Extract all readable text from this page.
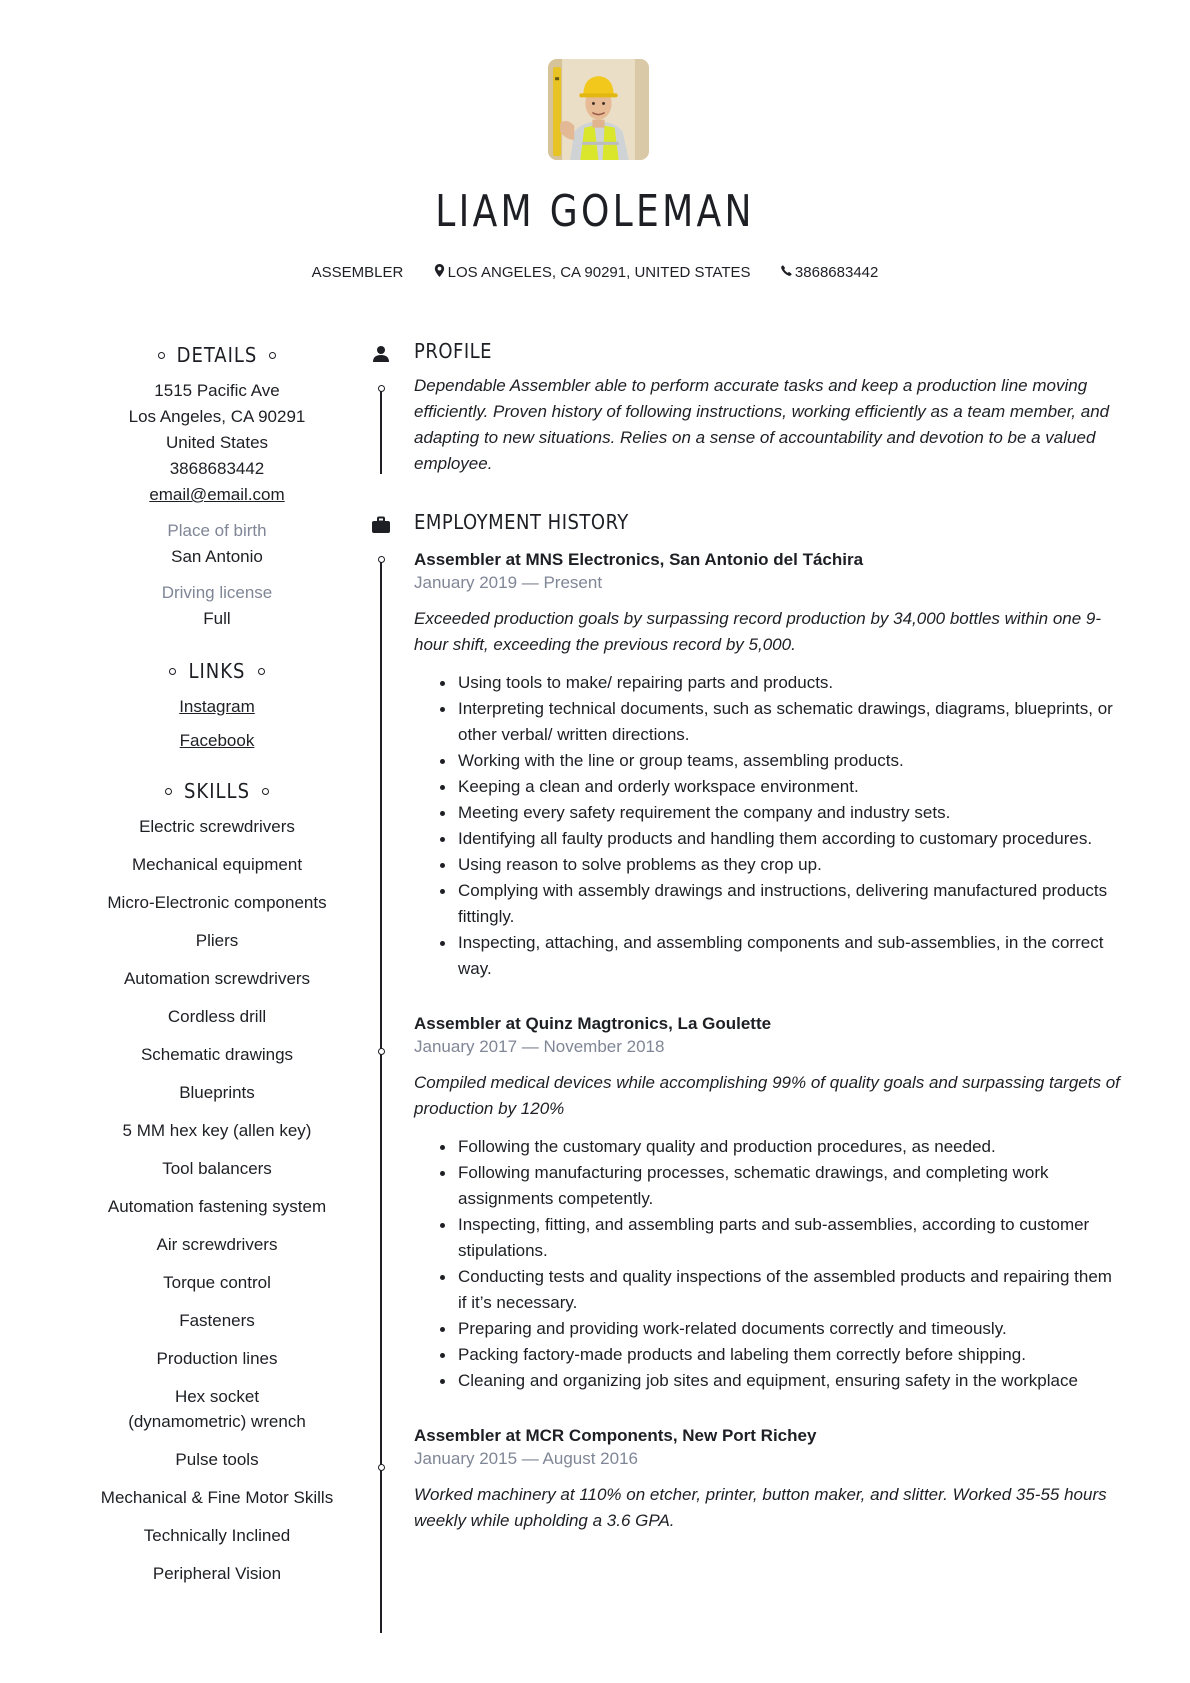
LIAM GOLEMAN
ASSEMBLER	LOS ANGELES, CA 90291, UNITED STATES	3868683442
DETAILS
1515 Pacific Ave
Los Angeles, CA 90291
United States
3868683442
email@email.com
Place of birth
San Antonio
Driving license
Full
LINKS
Instagram
Facebook
SKILLS
Electric screwdrivers
Mechanical equipment
Micro-Electronic components
Pliers
Automation screwdrivers
Cordless drill
Schematic drawings
Blueprints
5 MM hex key (allen key)
Tool balancers
Automation fastening system
Air screwdrivers
Torque control
Fasteners
Production lines
Hex socket (dynamometric) wrench
Pulse tools
Mechanical & Fine Motor Skills
Technically Inclined
Peripheral Vision
PROFILE
Dependable Assembler able to perform accurate tasks and keep a production line moving efficiently. Proven history of following instructions, working efficiently as a team member, and adapting to new situations. Relies on a sense of accountability and devotion to be a valued employee.
EMPLOYMENT HISTORY
Assembler at MNS Electronics, San Antonio del Táchira
January 2019 — Present
Exceeded production goals by surpassing record production by 34,000 bottles within one 9-hour shift, exceeding the previous record by 5,000.
Using tools to make/ repairing parts and products.
Interpreting technical documents, such as schematic drawings, diagrams, blueprints, or other verbal/ written directions.
Working with the line or group teams, assembling products.
Keeping a clean and orderly workspace environment.
Meeting every safety requirement the company and industry sets.
Identifying all faulty products and handling them according to customary procedures.
Using reason to solve problems as they crop up.
Complying with assembly drawings and instructions, delivering manufactured products fittingly.
Inspecting, attaching, and assembling components and sub-assemblies, in the correct way.
Assembler at Quinz Magtronics, La Goulette
January 2017 — November 2018
Compiled medical devices while accomplishing 99% of quality goals and surpassing targets of production by 120%
Following the customary quality and production procedures, as needed.
Following manufacturing processes, schematic drawings, and completing work assignments competently.
Inspecting, fitting, and assembling parts and sub-assemblies, according to customer stipulations.
Conducting tests and quality inspections of the assembled products and repairing them if it’s necessary.
Preparing and providing work-related documents correctly and timeously.
Packing factory-made products and labeling them correctly before shipping.
Cleaning and organizing job sites and equipment, ensuring safety in the workplace
Assembler at MCR Components, New Port Richey
January 2015 — August 2016
Worked machinery at 110% on etcher, printer, button maker, and slitter. Worked 35-55 hours weekly while upholding a 3.6 GPA.
